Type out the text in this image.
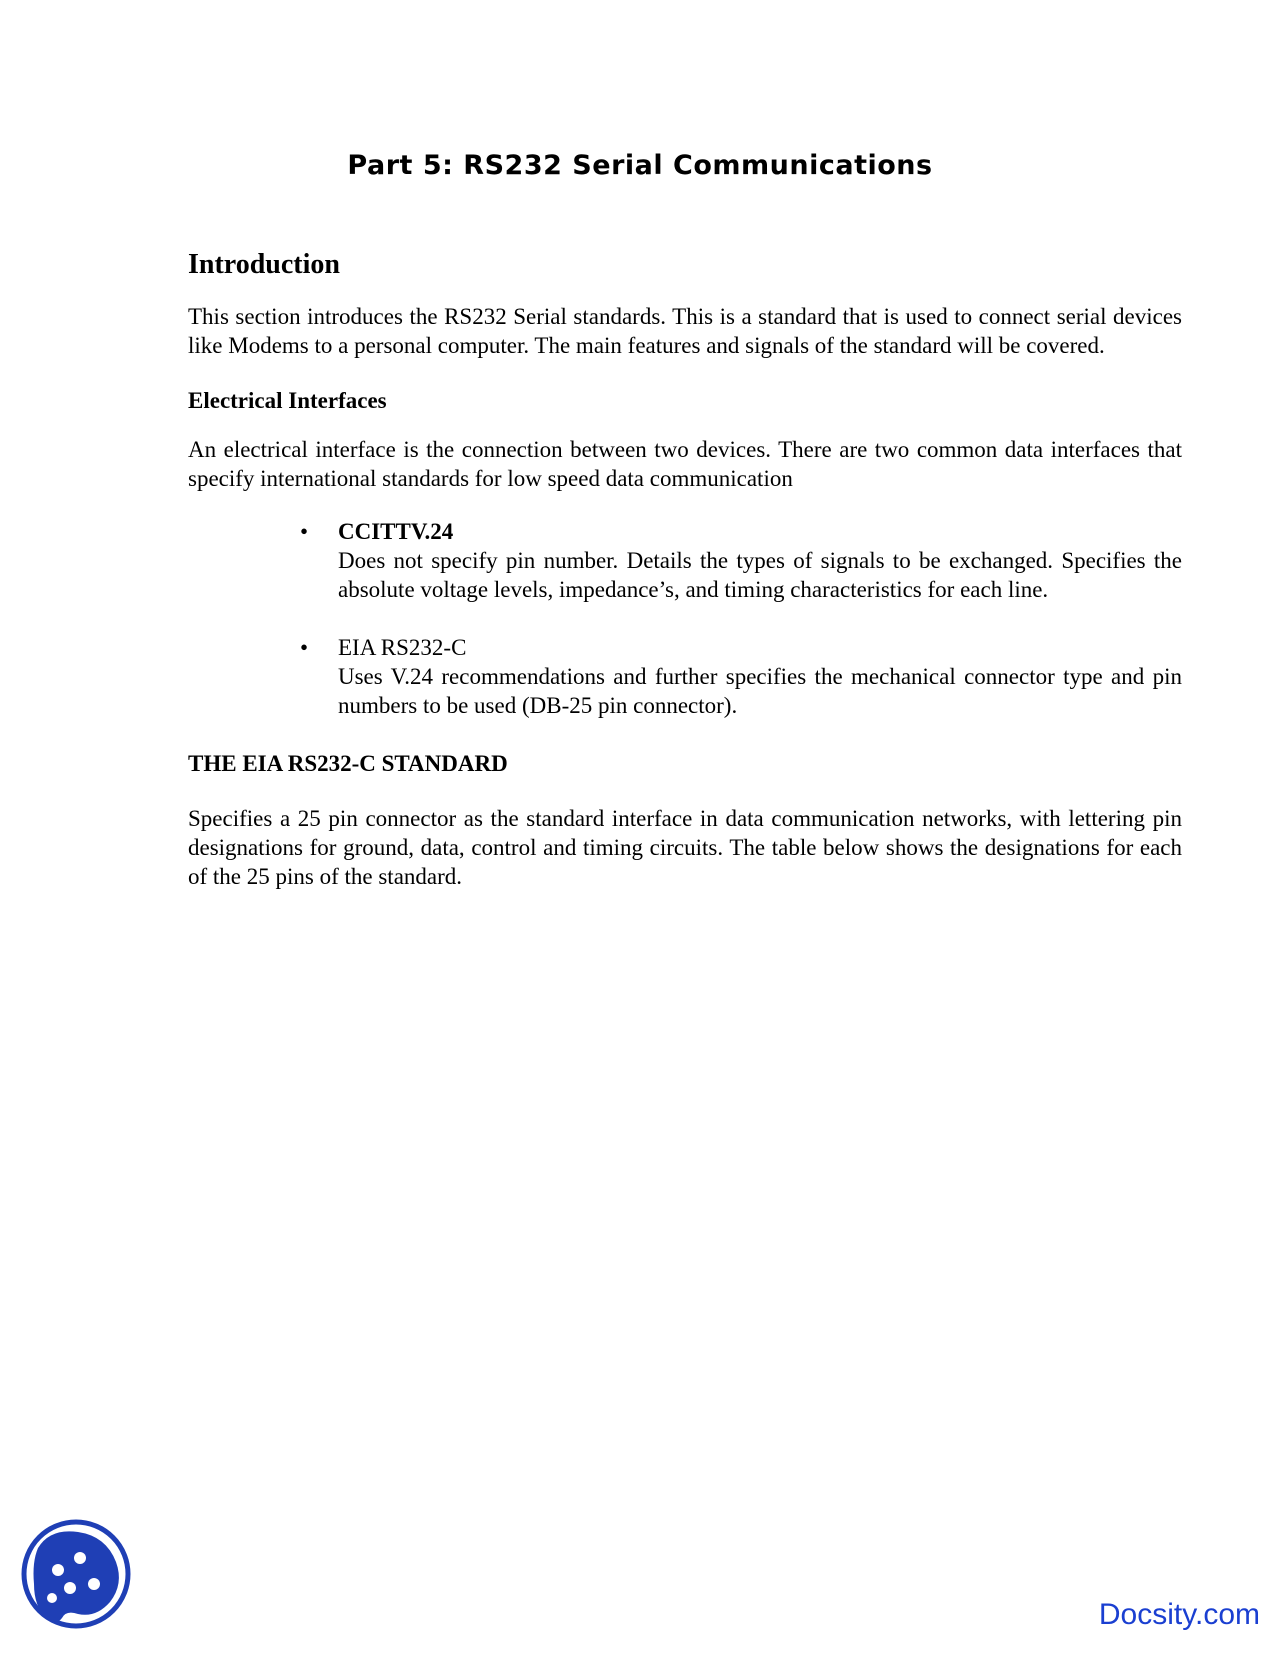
Part 5: RS232 Serial Communications
Introduction

This section introduces the RS232 Serial standards. This is a standard that is used to connect serial devices like Modems to a personal computer. The main features and signals of the standard will be covered.

Electrical Interfaces

An electrical interface is the connection between two devices. There are two common data interfaces that specify international standards for low speed data communication

• CCITTV.24
Does not specify pin number. Details the types of signals to be exchanged. Specifies the absolute voltage levels, impedance’s, and timing characteristics for each line.
• EIA RS232-C
Uses V.24 recommendations and further specifies the mechanical connector type and pin numbers to be used (DB-25 pin connector).
THE EIA RS232-C STANDARD

Specifies a 25 pin connector as the standard interface in data communication networks, with lettering pin designations for ground, data, control and timing circuits. The table below shows the designations for each of the 25 pins of the standard.

Docsity.com
